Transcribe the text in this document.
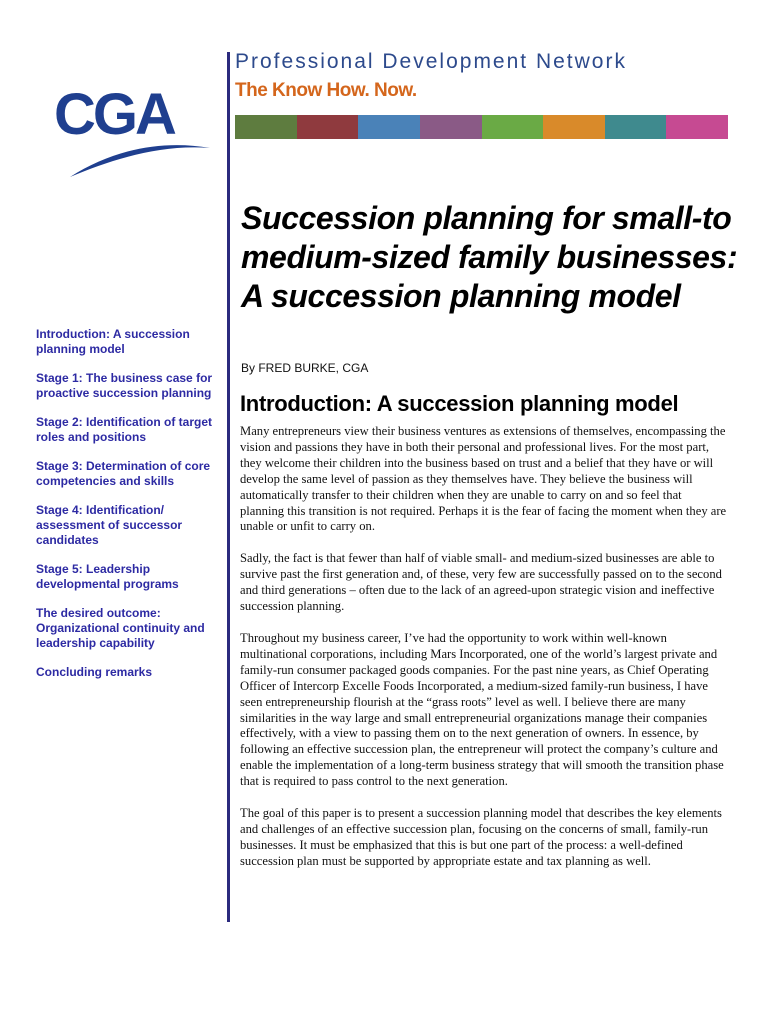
CGA
Professional Development Network
The Know How. Now.
Introduction: A succession planning model
Stage 1: The business case for proactive succession planning
Stage 2: Identification of target roles and positions
Stage 3: Determination of core competencies and skills
Stage 4: Identification/ assessment of successor candidates
Stage 5: Leadership developmental programs
The desired outcome: Organizational continuity and leadership capability
Concluding remarks
Succession planning for small-to medium-sized family businesses: A succession planning model

By FRED BURKE, CGA

Introduction: A succession planning model

Many entrepreneurs view their business ventures as extensions of themselves, encompassing the vision and passions they have in both their personal and professional lives. For the most part, they welcome their children into the business based on trust and a belief that they have or will develop the same level of passion as they themselves have. They believe the business will automatically transfer to their children when they are unable to carry on and so feel that planning this transition is not required. Perhaps it is the fear of facing the moment when they are unable or unfit to carry on.

Sadly, the fact is that fewer than half of viable small- and medium-sized businesses are able to survive past the first generation and, of these, very few are successfully passed on to the second and third generations – often due to the lack of an agreed-upon strategic vision and ineffective succession planning.

Throughout my business career, I’ve had the opportunity to work within well-known multinational corporations, including Mars Incorporated, one of the world’s largest private and family-run consumer packaged goods companies. For the past nine years, as Chief Operating Officer of Intercorp Excelle Foods Incorporated, a medium-sized family-run business, I have seen entrepreneurship flourish at the “grass roots” level as well. I believe there are many similarities in the way large and small entrepreneurial organizations manage their companies effectively, with a view to passing them on to the next generation of owners. In essence, by following an effective succession plan, the entrepreneur will protect the company’s culture and enable the implementation of a long-term business strategy that will smooth the transition phase that is required to pass control to the next generation.

The goal of this paper is to present a succession planning model that describes the key elements and challenges of an effective succession plan, focusing on the concerns of small, family-run businesses. It must be emphasized that this is but one part of the process: a well-defined succession plan must be supported by appropriate estate and tax planning as well.
